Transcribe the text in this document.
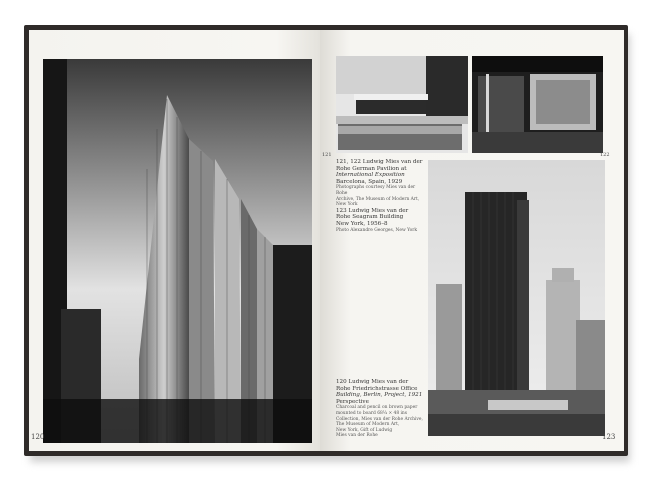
120
121, 122 Ludwig Mies van der
Rohe German Pavilion at
International Exposition
Barcelona, Spain, 1929
Photographs courtesy Mies van der Rohe
Archive, The Museum of Modern Art,
New York
123 Ludwig Mies van der
Rohe Seagram Building
New York, 1956–8
Photo Alexandre Georges, New York
120 Ludwig Mies van der
Rohe Friedrichstrasse Office
Building, Berlin, Project, 1921
Perspective
Charcoal and pencil on brown paper
mounted to board 68¼ × 48 ins
Collection, Mies van der Rohe Archive,
The Museum of Modern Art,
New York, Gift of Ludwig
Mies van der Rohe
121	122
123
